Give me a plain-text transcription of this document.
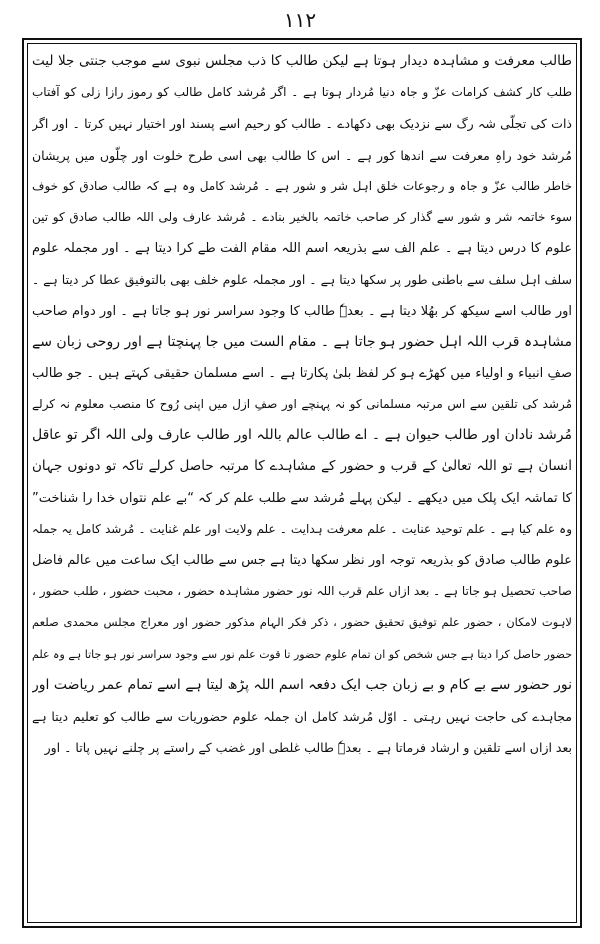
۱۱۲
طالب معرفت و مشاہدہ دیدار ہوتا ہے لیکن طالب کا ذب مجلس نبوی سے موجب جنتی جلا لیت
طلب کار کشف کرامات عزّ و جاہ دنیا مُردار ہوتا ہے ۔ اگر مُرشد کامل طالب کو رموز رازا زلی کو آفتاب
ذات کی تجلّی شہ رگ سے نزدیک بھی دکھادے ۔ طالب کو رحیم اسے پسند اور اختیار نہیں کرتا ۔ اور اگر
مُرشد خود راہِ معرفت سے اندھا کور ہے ۔ اس کا طالب بھی اسی طرح خلوت اور چلّوں میں پریشان
خاطر طالب عزّ و جاہ و رجوعات خلق اہل شر و شور ہے ۔ مُرشد کامل وہ ہے کہ طالب صادق کو خوف
سوء خاتمہ شر و شور سے گذار کر صاحب خاتمہ بالخیر بنادے ۔ مُرشد عارف ولی اللہ طالب صادق کو تین
علوم کا درس دیتا ہے ۔ علم الف سے بذریعہ اسم اللہ مقام الفت طے کرا دیتا ہے ۔ اور مجملہ علوم
سلف اہل سلف سے باطنی طور پر سکھا دیتا ہے ۔ اور مجملہ علوم خلف بھی بالتوفیق عطا کر دیتا ہے ۔
اور طالب اسے سیکھ کر بھُلا دیتا ہے ۔ بعدہٗ طالب کا وجود سراسر نور ہو جاتا ہے ۔ اور دوام صاحب
مشاہدہ قرب اللہ اہل حضور ہو جاتا ہے ۔ مقام الست میں جا پہنچتا ہے اور روحی زبان سے
صفِ انبیاء و اولیاء میں کھڑے ہو کر لفظ بلیٰ پکارتا ہے ۔ اسے مسلمان حقیقی کہتے ہیں ۔ جو طالب
مُرشد کی تلقین سے اس مرتبہ مسلمانی کو نہ پہنچے اور صفِ ازل میں اپنی رُوح کا منصب معلوم نہ کرلے
مُرشد نادان اور طالب حیوان ہے ۔ اے طالب عالم باللہ اور طالب عارف ولی اللہ اگر تو عاقل
انسان ہے تو اللہ تعالیٰ کے قرب و حضور کے مشاہدے کا مرتبہ حاصل کرلے تاکہ تو دونوں جہان
کا تماشہ ایک پلک میں دیکھے ۔ لیکن پہلے مُرشد سے طلب علم کر کہ “بے علم نتواں خدا را شناخت”
وہ علم کیا ہے ۔ علم توحید عنایت ۔ علم معرفت ہدایت ۔ علم ولایت اور علم غنایت ۔ مُرشد کامل یہ جملہ
علوم طالب صادق کو بذریعہ توجہ اور نظر سکھا دیتا ہے جس سے طالب ایک ساعت میں عالم فاضل
صاحب تحصیل ہو جاتا ہے ۔ بعد ازاں علم قرب اللہ نور حضور مشاہدہ حضور ، محبت حضور ، طلب حضور ،
لاہوت لامکان ، حضور علم توفیق تحقیق حضور ، ذکر فکر الہام مذکور حضور اور معراج مجلس محمدی صلعم
حضور حاصل کرا دیتا ہے جس شخص کو ان تمام علوم حضور تا قوت علم نور سے وجود سراسر نور ہو جاتا ہے وہ علم
نور حضور سے بے کام و بے زبان جب ایک دفعہ اسم اللہ پڑھ لیتا ہے اسے تمام عمر ریاضت اور
مجاہدے کی حاجت نہیں رہتی ۔ اوّل مُرشد کامل ان جملہ علوم حضوریات سے طالب کو تعلیم دیتا ہے
بعد ازاں اسے تلقین و ارشاد فرماتا ہے ۔ بعدہٗ طالب غلطی اور غضب کے راستے پر چلنے نہیں پاتا ۔ اور
